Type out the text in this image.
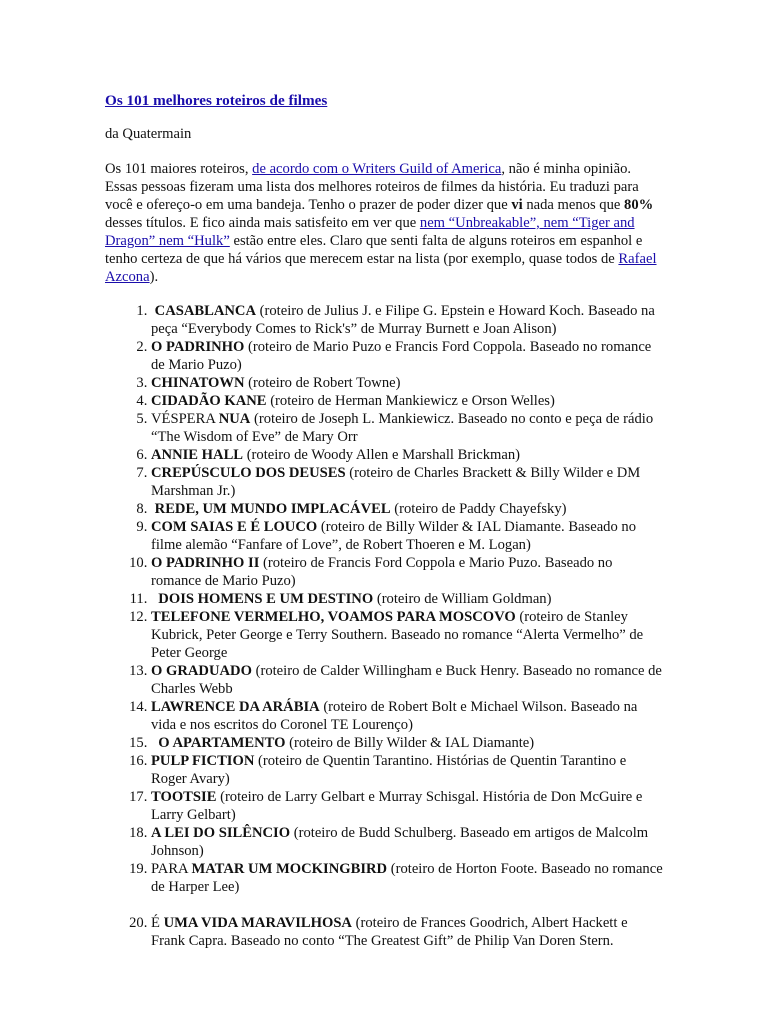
Os 101 melhores roteiros de filmes

da Quatermain

Os 101 maiores roteiros, de acordo com o Writers Guild of America, não é minha opinião. Essas pessoas fizeram uma lista dos melhores roteiros de filmes da história. Eu traduzi para você e ofereço-o em uma bandeja. Tenho o prazer de poder dizer que vi nada menos que 80% desses títulos. E fico ainda mais satisfeito em ver que nem “Unbreakable”, nem “Tiger and Dragon” nem “Hulk” estão entre eles. Claro que senti falta de alguns roteiros em espanhol e tenho certeza de que há vários que merecem estar na lista (por exemplo, quase todos de Rafael Azcona).

1. CASABLANCA (roteiro de Julius J. e Filipe G. Epstein e Howard Koch. Baseado na peça “Everybody Comes to Rick's” de Murray Burnett e Joan Alison)
2. O PADRINHO (roteiro de Mario Puzo e Francis Ford Coppola. Baseado no romance de Mario Puzo)
3. CHINATOWN (roteiro de Robert Towne)
4. CIDADÃO KANE (roteiro de Herman Mankiewicz e Orson Welles)
5. VÉSPERA NUA (roteiro de Joseph L. Mankiewicz. Baseado no conto e peça de rádio “The Wisdom of Eve” de Mary Orr
6. ANNIE HALL (roteiro de Woody Allen e Marshall Brickman)
7. CREPÚSCULO DOS DEUSES (roteiro de Charles Brackett & Billy Wilder e DM Marshman Jr.)
8. REDE, UM MUNDO IMPLACÁVEL (roteiro de Paddy Chayefsky)
9. COM SAIAS E É LOUCO (roteiro de Billy Wilder & IAL Diamante. Baseado no filme alemão “Fanfare of Love”, de Robert Thoeren e M. Logan)
10. O PADRINHO II (roteiro de Francis Ford Coppola e Mario Puzo. Baseado no romance de Mario Puzo)
11. DOIS HOMENS E UM DESTINO (roteiro de William Goldman)
12. TELEFONE VERMELHO, VOAMOS PARA MOSCOVO (roteiro de Stanley Kubrick, Peter George e Terry Southern. Baseado no romance “Alerta Vermelho” de Peter George
13. O GRADUADO (roteiro de Calder Willingham e Buck Henry. Baseado no romance de Charles Webb
14. LAWRENCE DA ARÁBIA (roteiro de Robert Bolt e Michael Wilson. Baseado na vida e nos escritos do Coronel TE Lourenço)
15. O APARTAMENTO (roteiro de Billy Wilder & IAL Diamante)
16. PULP FICTION (roteiro de Quentin Tarantino. Histórias de Quentin Tarantino e Roger Avary)
17. TOOTSIE (roteiro de Larry Gelbart e Murray Schisgal. História de Don McGuire e Larry Gelbart)
18. A LEI DO SILÊNCIO (roteiro de Budd Schulberg. Baseado em artigos de Malcolm Johnson)
19. PARA MATAR UM MOCKINGBIRD (roteiro de Horton Foote. Baseado no romance de Harper Lee)
20. É UMA VIDA MARAVILHOSA (roteiro de Frances Goodrich, Albert Hackett e Frank Capra. Baseado no conto “The Greatest Gift” de Philip Van Doren Stern.
